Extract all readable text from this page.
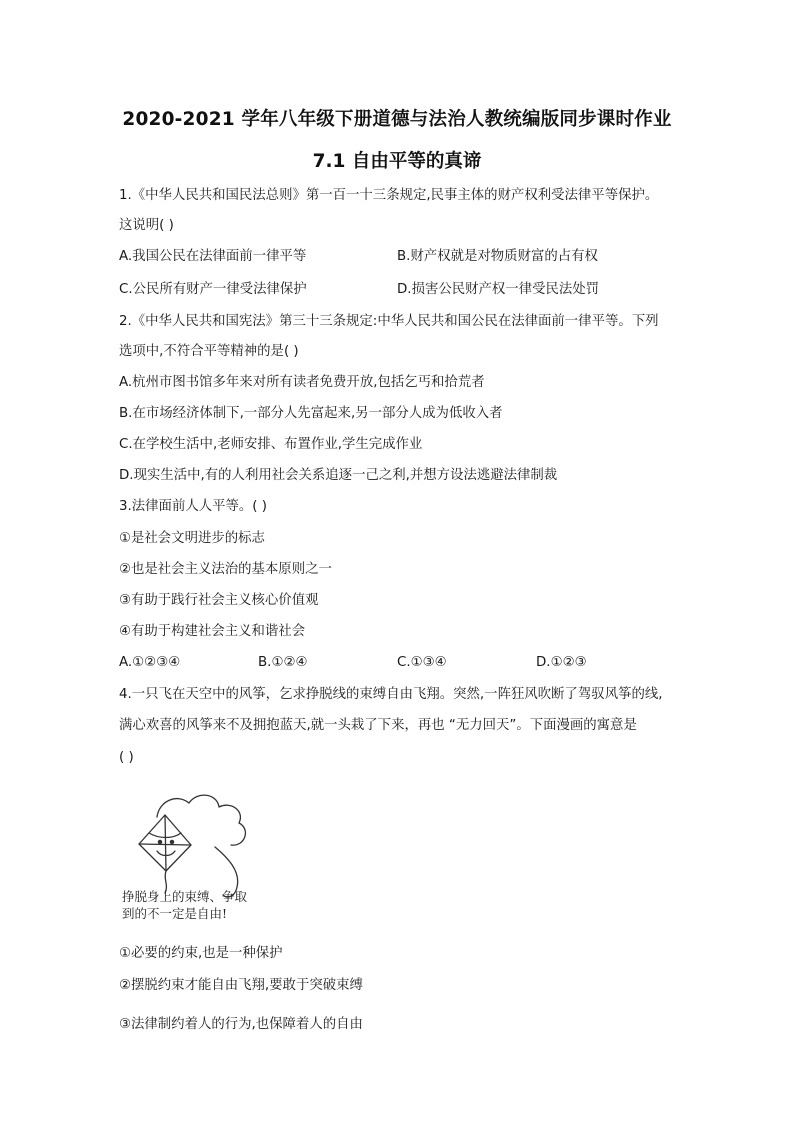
2020-2021 学年八年级下册道德与法治人教统编版同步课时作业
7.1 自由平等的真谛
1.《中华人民共和国民法总则》第一百一十三条规定,民事主体的财产权利受法律平等保护。
这说明( )
A.我国公民在法律面前一律平等	B.财产权就是对物质财富的占有权
C.公民所有财产一律受法律保护	D.损害公民财产权一律受民法处罚
2.《中华人民共和国宪法》第三十三条规定:中华人民共和国公民在法律面前一律平等。下列
选项中,不符合平等精神的是( )
A.杭州市图书馆多年来对所有读者免费开放,包括乞丐和拾荒者
B.在市场经济体制下,一部分人先富起来,另一部分人成为低收入者
C.在学校生活中,老师安排、布置作业,学生完成作业
D.现实生活中,有的人利用社会关系追逐一己之利,并想方设法逃避法律制裁
3.法律面前人人平等。( )
①是社会文明进步的标志
②也是社会主义法治的基本原则之一
③有助于践行社会主义核心价值观
④有助于构建社会主义和谐社会
A.①②③④	B.①②④	C.①③④	D.①②③
4.一只飞在天空中的风筝，乞求挣脱线的束缚自由飞翔。突然,一阵狂风吹断了驾驭风筝的线,
满心欢喜的风筝来不及拥抱蓝天,就一头栽了下来，再也 “无力回天”。下面漫画的寓意是
( )
挣脱身上的束缚、争取
到的不一定是自由!
①必要的约束,也是一种保护
②摆脱约束才能自由飞翔,要敢于突破束缚
③法律制约着人的行为,也保障着人的自由
